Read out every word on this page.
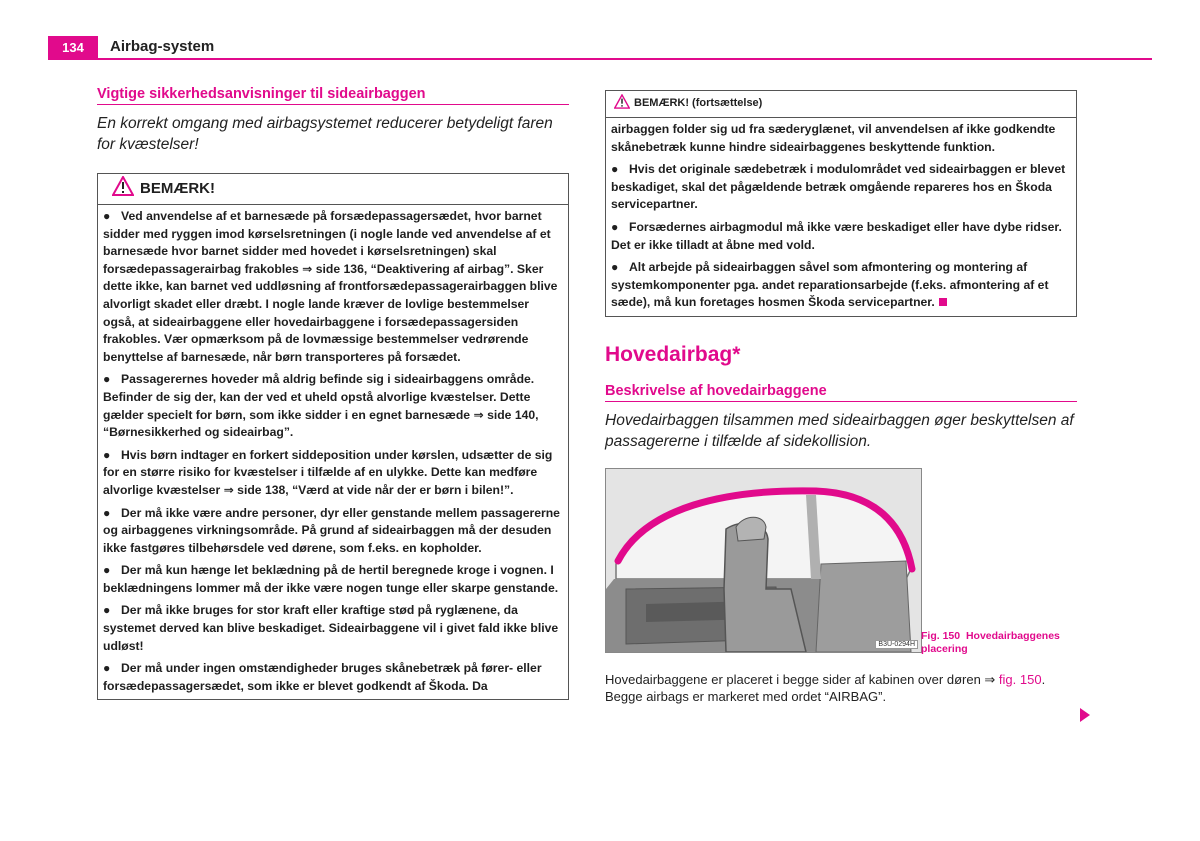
134	Airbag-system
Vigtige sikkerhedsanvisninger til sideairbaggen

En korrekt omgang med airbagsystemet reducerer betydeligt faren for kvæstelser!

BEMÆRK!

● Ved anvendelse af et barnesæde på forsædepassagersædet, hvor barnet sidder med ryggen imod kørselsretningen (i nogle lande ved anvendelse af et barnesæde hvor barnet sidder med hovedet i kørselsretningen) skal forsædepassagerairbag frakobles ⇒ side 136, “Deaktivering af airbag”. Sker dette ikke, kan barnet ved uddløsning af frontforsædepassagerairbaggen blive alvorligt skadet eller dræbt. I nogle lande kræver de lovlige bestemmelser også, at sideairbaggene eller hovedairbaggene i forsædepassagersiden frakobles. Vær opmærksom på de lovmæssige bestemmelser vedrørende benyttelse af barnesæde, når børn transporteres på forsædet.

● Passagerernes hoveder må aldrig befinde sig i sideairbaggens område. Befinder de sig der, kan der ved et uheld opstå alvorlige kvæstelser. Dette gælder specielt for børn, som ikke sidder i en egnet barnesæde ⇒ side 140, “Børnesikkerhed og sideairbag”.

● Hvis børn indtager en forkert siddeposition under kørslen, udsætter de sig for en større risiko for kvæstelser i tilfælde af en ulykke. Dette kan medføre alvorlige kvæstelser ⇒ side 138, “Værd at vide når der er børn i bilen!”.

● Der må ikke være andre personer, dyr eller genstande mellem passagererne og airbaggenes virkningsområde. På grund af sideairbaggen må der desuden ikke fastgøres tilbehørsdele ved dørene, som f.eks. en kopholder.

● Der må kun hænge let beklædning på de hertil beregnede kroge i vognen. I beklædningens lommer må der ikke være nogen tunge eller skarpe genstande.

● Der må ikke bruges for stor kraft eller kraftige stød på ryglænene, da systemet derved kan blive beskadiget. Sideairbaggene vil i givet fald ikke blive udløst!

● Der må under ingen omstændigheder bruges skånebetræk på fører- eller forsædepassagersædet, som ikke er blevet godkendt af Škoda. Da

BEMÆRK! (fortsættelse)

airbaggen folder sig ud fra sæderyglænet, vil anvendelsen af ikke godkendte skånebetræk kunne hindre sideairbaggenes beskyttende funktion.

● Hvis det originale sædebetræk i modulområdet ved sideairbaggen er blevet beskadiget, skal det pågældende betræk omgående repareres hos en Škoda servicepartner.

● Forsædernes airbagmodul må ikke være beskadiget eller have dybe ridser. Det er ikke tilladt at åbne med vold.

● Alt arbejde på sideairbaggen såvel som afmontering og montering af systemkomponenter pga. andet reparationsarbejde (f.eks. afmontering af et sæde), må kun foretages hosmen Škoda servicepartner.

Hovedairbag*
Beskrivelse af hovedairbaggene

Hovedairbaggen tilsammen med sideairbaggen øger beskyttelsen af passagererne i tilfælde af sidekollision.

B3U-0294H
Fig. 150 Hovedairbaggenes placering

Hovedairbaggene er placeret i begge sider af kabinen over døren ⇒ fig. 150. Begge airbags er markeret med ordet “AIRBAG”.
